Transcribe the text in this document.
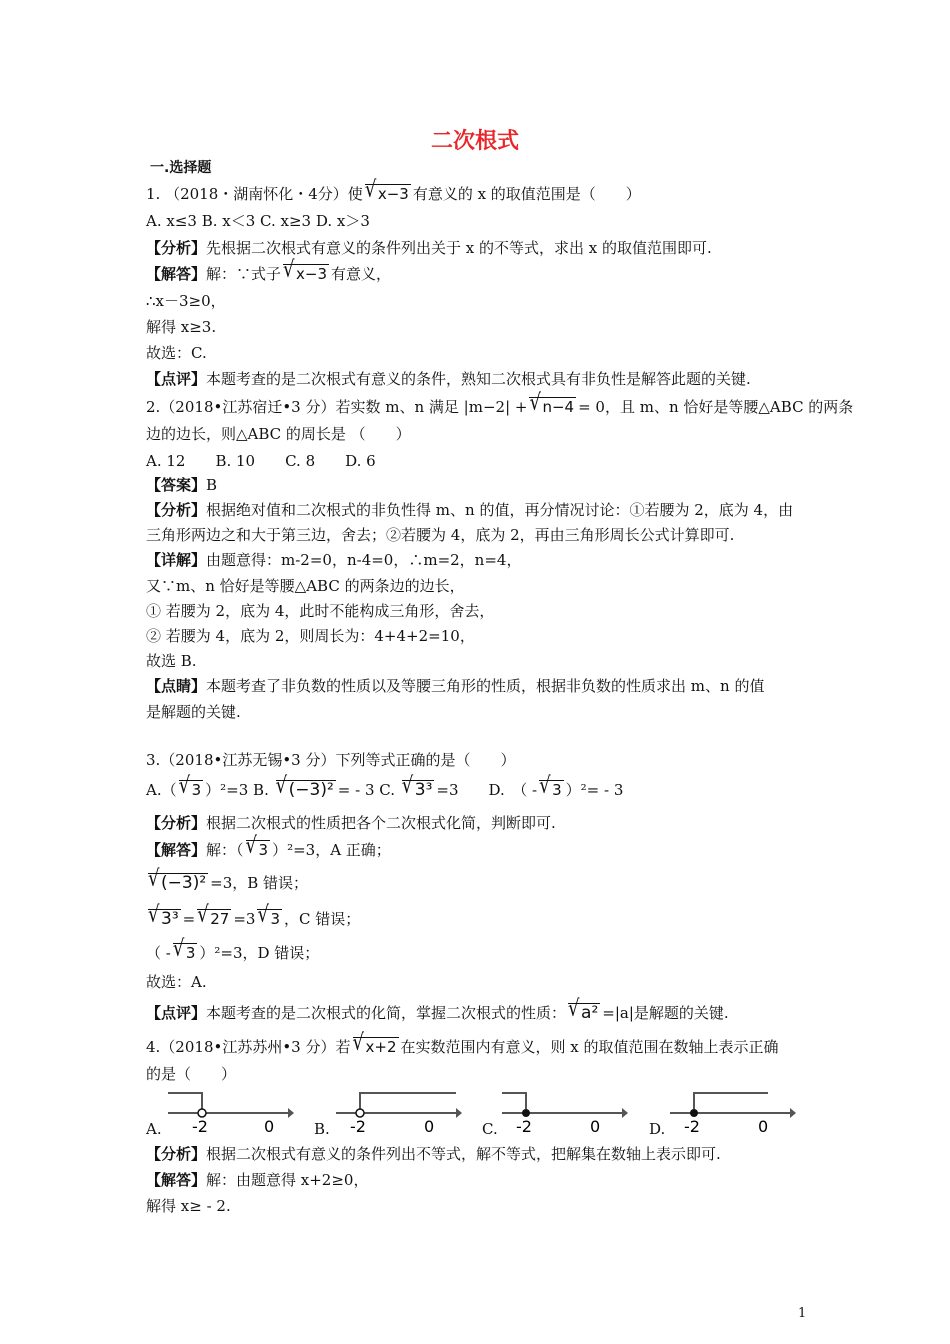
二次根式
一.选择题
1. （2018・湖南怀化・4分）使 √ x−3 有意义的 x 的取值范围是（　　）
A. x≤3 B. x＜3 C. x≥3 D. x＞3
【分析】先根据二次根式有意义的条件列出关于 x 的不等式，求出 x 的取值范围即可.
【解答】解：∵式子 √ x−3 有意义，
∴x－3≥0，
解得 x≥3.
故选：C.
【点评】本题考查的是二次根式有意义的条件，熟知二次根式具有非负性是解答此题的关键.
2.（2018•江苏宿迁•3 分）若实数 m、n 满足 |m−2| + √ n−4 = 0，且 m、n 恰好是等腰△ABC 的两条
边的边长，则△ABC 的周长是 （　　）
A. 12　　B. 10　　C. 8　　D. 6
【答案】B
【分析】根据绝对值和二次根式的非负性得 m、n 的值，再分情况讨论：①若腰为 2，底为 4，由
三角形两边之和大于第三边，舍去；②若腰为 4，底为 2，再由三角形周长公式计算即可.
【详解】由题意得：m-2=0，n-4=0，∴m=2，n=4，
又∵m、n 恰好是等腰△ABC 的两条边的边长，
① 若腰为 2，底为 4，此时不能构成三角形，舍去，
② 若腰为 4，底为 2，则周长为：4+4+2=10，
故选 B.
【点睛】本题考查了非负数的性质以及等腰三角形的性质，根据非负数的性质求出 m、n 的值
是解题的关键.
3.（2018•江苏无锡•3 分）下列等式正确的是（　　）
A.（ √ 3 ）²=3 B. √ (−3)² = - 3 C. √ 3³ =3　　D.　（ - √ 3 ）²= - 3
【分析】根据二次根式的性质把各个二次根式化简，判断即可.
【解答】解：（ √ 3 ）²=3，A 正确；
√ (−3)² =3，B 错误；
√ 3³ = √ 27 =3 √ 3 ，C 错误；
（ - √ 3 ）²=3，D 错误；
故选：A.
【点评】本题考查的是二次根式的化简，掌握二次根式的性质： √ a² =|a|是解题的关键.
4.（2018•江苏苏州•3 分）若 √ x+2 在实数范围内有意义，则 x 的取值范围在数轴上表示正确
的是（　　）
-2	0	-2	0	-2	0	-2	0
A.	B.	C.	D.
【分析】根据二次根式有意义的条件列出不等式，解不等式，把解集在数轴上表示即可.
【解答】解：由题意得 x+2≥0，
解得 x≥ - 2.
1
